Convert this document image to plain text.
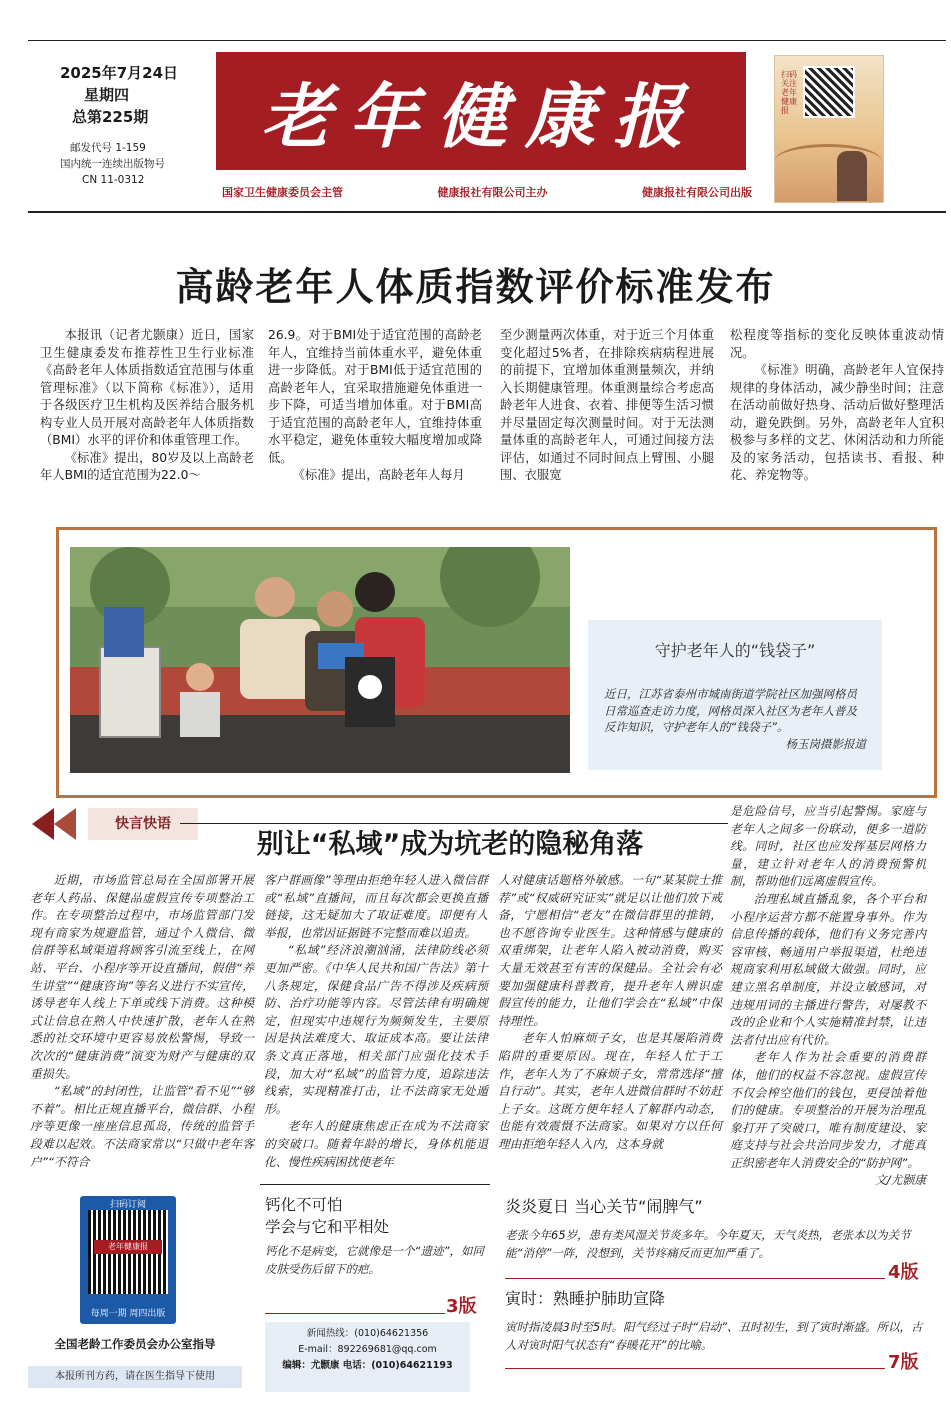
2025年7月24日
星期四
总第225期
邮发代号 1-159
国内统一连续出版物号
CN 11-0312
老年健康报
国家卫生健康委员会主管	健康报社有限公司主办	健康报社有限公司出版
扫码关注 老年健康报
高龄老年人体质指数评价标准发布

本报讯（记者尤颢康）近日，国家卫生健康委发布推荐性卫生行业标准《高龄老年人体质指数适宜范围与体重管理标准》（以下简称《标准》），适用于各级医疗卫生机构及医养结合服务机构专业人员开展对高龄老年人体质指数（BMI）水平的评价和体重管理工作。

《标准》提出，80岁及以上高龄老年人BMI的适宜范围为22.0～

26.9。对于BMI处于适宜范围的高龄老年人，宜维持当前体重水平，避免体重进一步降低。对于BMI低于适宜范围的高龄老年人，宜采取措施避免体重进一步下降，可适当增加体重。对于BMI高于适宜范围的高龄老年人，宜维持体重水平稳定，避免体重较大幅度增加或降低。

《标准》提出，高龄老年人每月

至少测量两次体重，对于近三个月体重变化超过5%者，在排除疾病病程进展的前提下，宜增加体重测量频次，并纳入长期健康管理。体重测量综合考虑高龄老年人进食、衣着、排便等生活习惯并尽量固定每次测量时间。对于无法测量体重的高龄老年人，可通过间接方法评估，如通过不同时间点上臂围、小腿围、衣服宽

松程度等指标的变化反映体重波动情况。

《标准》明确，高龄老年人宜保持规律的身体活动，减少静坐时间；注意在活动前做好热身、活动后做好整理活动，避免跌倒。另外，高龄老年人宜积极参与多样的文艺、休闲活动和力所能及的家务活动，包括读书、看报、种花、养宠物等。

守护老年人的“钱袋子”
近日，江苏省泰州市城南街道学院社区加强网格员日常巡查走访力度，网格员深入社区为老年人普及反诈知识，守护老年人的“钱袋子”。
杨玉岗摄影报道
快言快语
别让“私域”成为坑老的隐秘角落

近期，市场监管总局在全国部署开展老年人药品、保健品虚假宣传专项整治工作。在专项整治过程中，市场监管部门发现有商家为规避监管，通过个人微信、微信群等私域渠道将顾客引流至线上，在网站、平台、小程序等开设直播间，假借“养生讲堂”“健康咨询”等名义进行不实宣传，诱导老年人线上下单或线下消费。这种模式让信息在熟人中快速扩散，老年人在熟悉的社交环境中更容易放松警惕，导致一次次的“健康消费”演变为财产与健康的双重损失。

“私域”的封闭性，让监管“看不见”“够不着”。相比正规直播平台，微信群、小程序等更像一座座信息孤岛，传统的监管手段难以起效。不法商家常以“只做中老年客户”“不符合

客户群画像”等理由拒绝年轻人进入微信群或“私域”直播间，而且每次都会更换直播链接，这无疑加大了取证难度。即便有人举报，也常因证据链不完整而难以追责。

“私域”经济浪潮汹涌，法律防线必须更加严密。《中华人民共和国广告法》第十八条规定，保健食品广告不得涉及疾病预防、治疗功能等内容。尽管法律有明确规定，但现实中违规行为频频发生，主要原因是执法难度大、取证成本高。要让法律条文真正落地，相关部门应强化技术手段，加大对“私域”的监管力度，追踪违法线索，实现精准打击，让不法商家无处遁形。

老年人的健康焦虑正在成为不法商家的突破口。随着年龄的增长，身体机能退化、慢性疾病困扰使老年

人对健康话题格外敏感。一句“某某院士推荐”或“权威研究证实”就足以让他们放下戒备，宁愿相信“老友”在微信群里的推销，也不愿咨询专业医生。这种情感与健康的双重绑架，让老年人陷入被动消费，购买大量无效甚至有害的保健品。全社会有必要加强健康科普教育，提升老年人辨识虚假宣传的能力，让他们学会在“私域”中保持理性。

老年人怕麻烦子女，也是其屡陷消费陷阱的重要原因。现在，年轻人忙于工作，老年人为了不麻烦子女，常常选择“擅自行动”。其实，老年人进微信群时不妨赶上子女。这既方便年轻人了解群内动态，也能有效震慑不法商家。如果对方以任何理由拒绝年轻人入内，这本身就

是危险信号，应当引起警惕。家庭与老年人之间多一份联动，便多一道防线。同时，社区也应发挥基层网格力量，建立针对老年人的消费预警机制，帮助他们远离虚假宣传。

治理私域直播乱象，各个平台和小程序运营方都不能置身事外。作为信息传播的载体，他们有义务完善内容审核、畅通用户举报渠道，杜绝违规商家利用私域做大做强。同时，应建立黑名单制度，并设立敏感词，对违规用词的主播进行警告，对屡教不改的企业和个人实施精准封禁，让违法者付出应有代价。

老年人作为社会重要的消费群体，他们的权益不容忽视。虚假宣传不仅会榨空他们的钱包，更侵蚀着他们的健康。专项整治的开展为治理乱象打开了突破口，唯有制度建设、家庭支持与社会共治同步发力，才能真正织密老年人消费安全的“防护网”。

文/尤颢康
扫码订阅
老年健康报
每周一期 周四出版
全国老龄工作委员会办公室指导
本报所刊方药，请在医生指导下使用
钙化不可怕
学会与它和平相处
钙化不是病变，它就像是一个“遗迹”，如同皮肤受伤后留下的疤。
3版
新闻热线：(010)64621356
E-mail：892269681@qq.com
编辑：尤颢康 电话：(010)64621193
炎炎夏日 当心关节“闹脾气”
老张今年65岁，患有类风湿关节炎多年。今年夏天，天气炎热，老张本以为关节能“消停”一阵，没想到，关节疼痛反而更加严重了。
4版
寅时：熟睡护肺助宣降
寅时指凌晨3时至5时。阳气经过子时“启动”、丑时初生，到了寅时渐盛。所以，古人对寅时阳气状态有“春暖花开”的比喻。
7版
